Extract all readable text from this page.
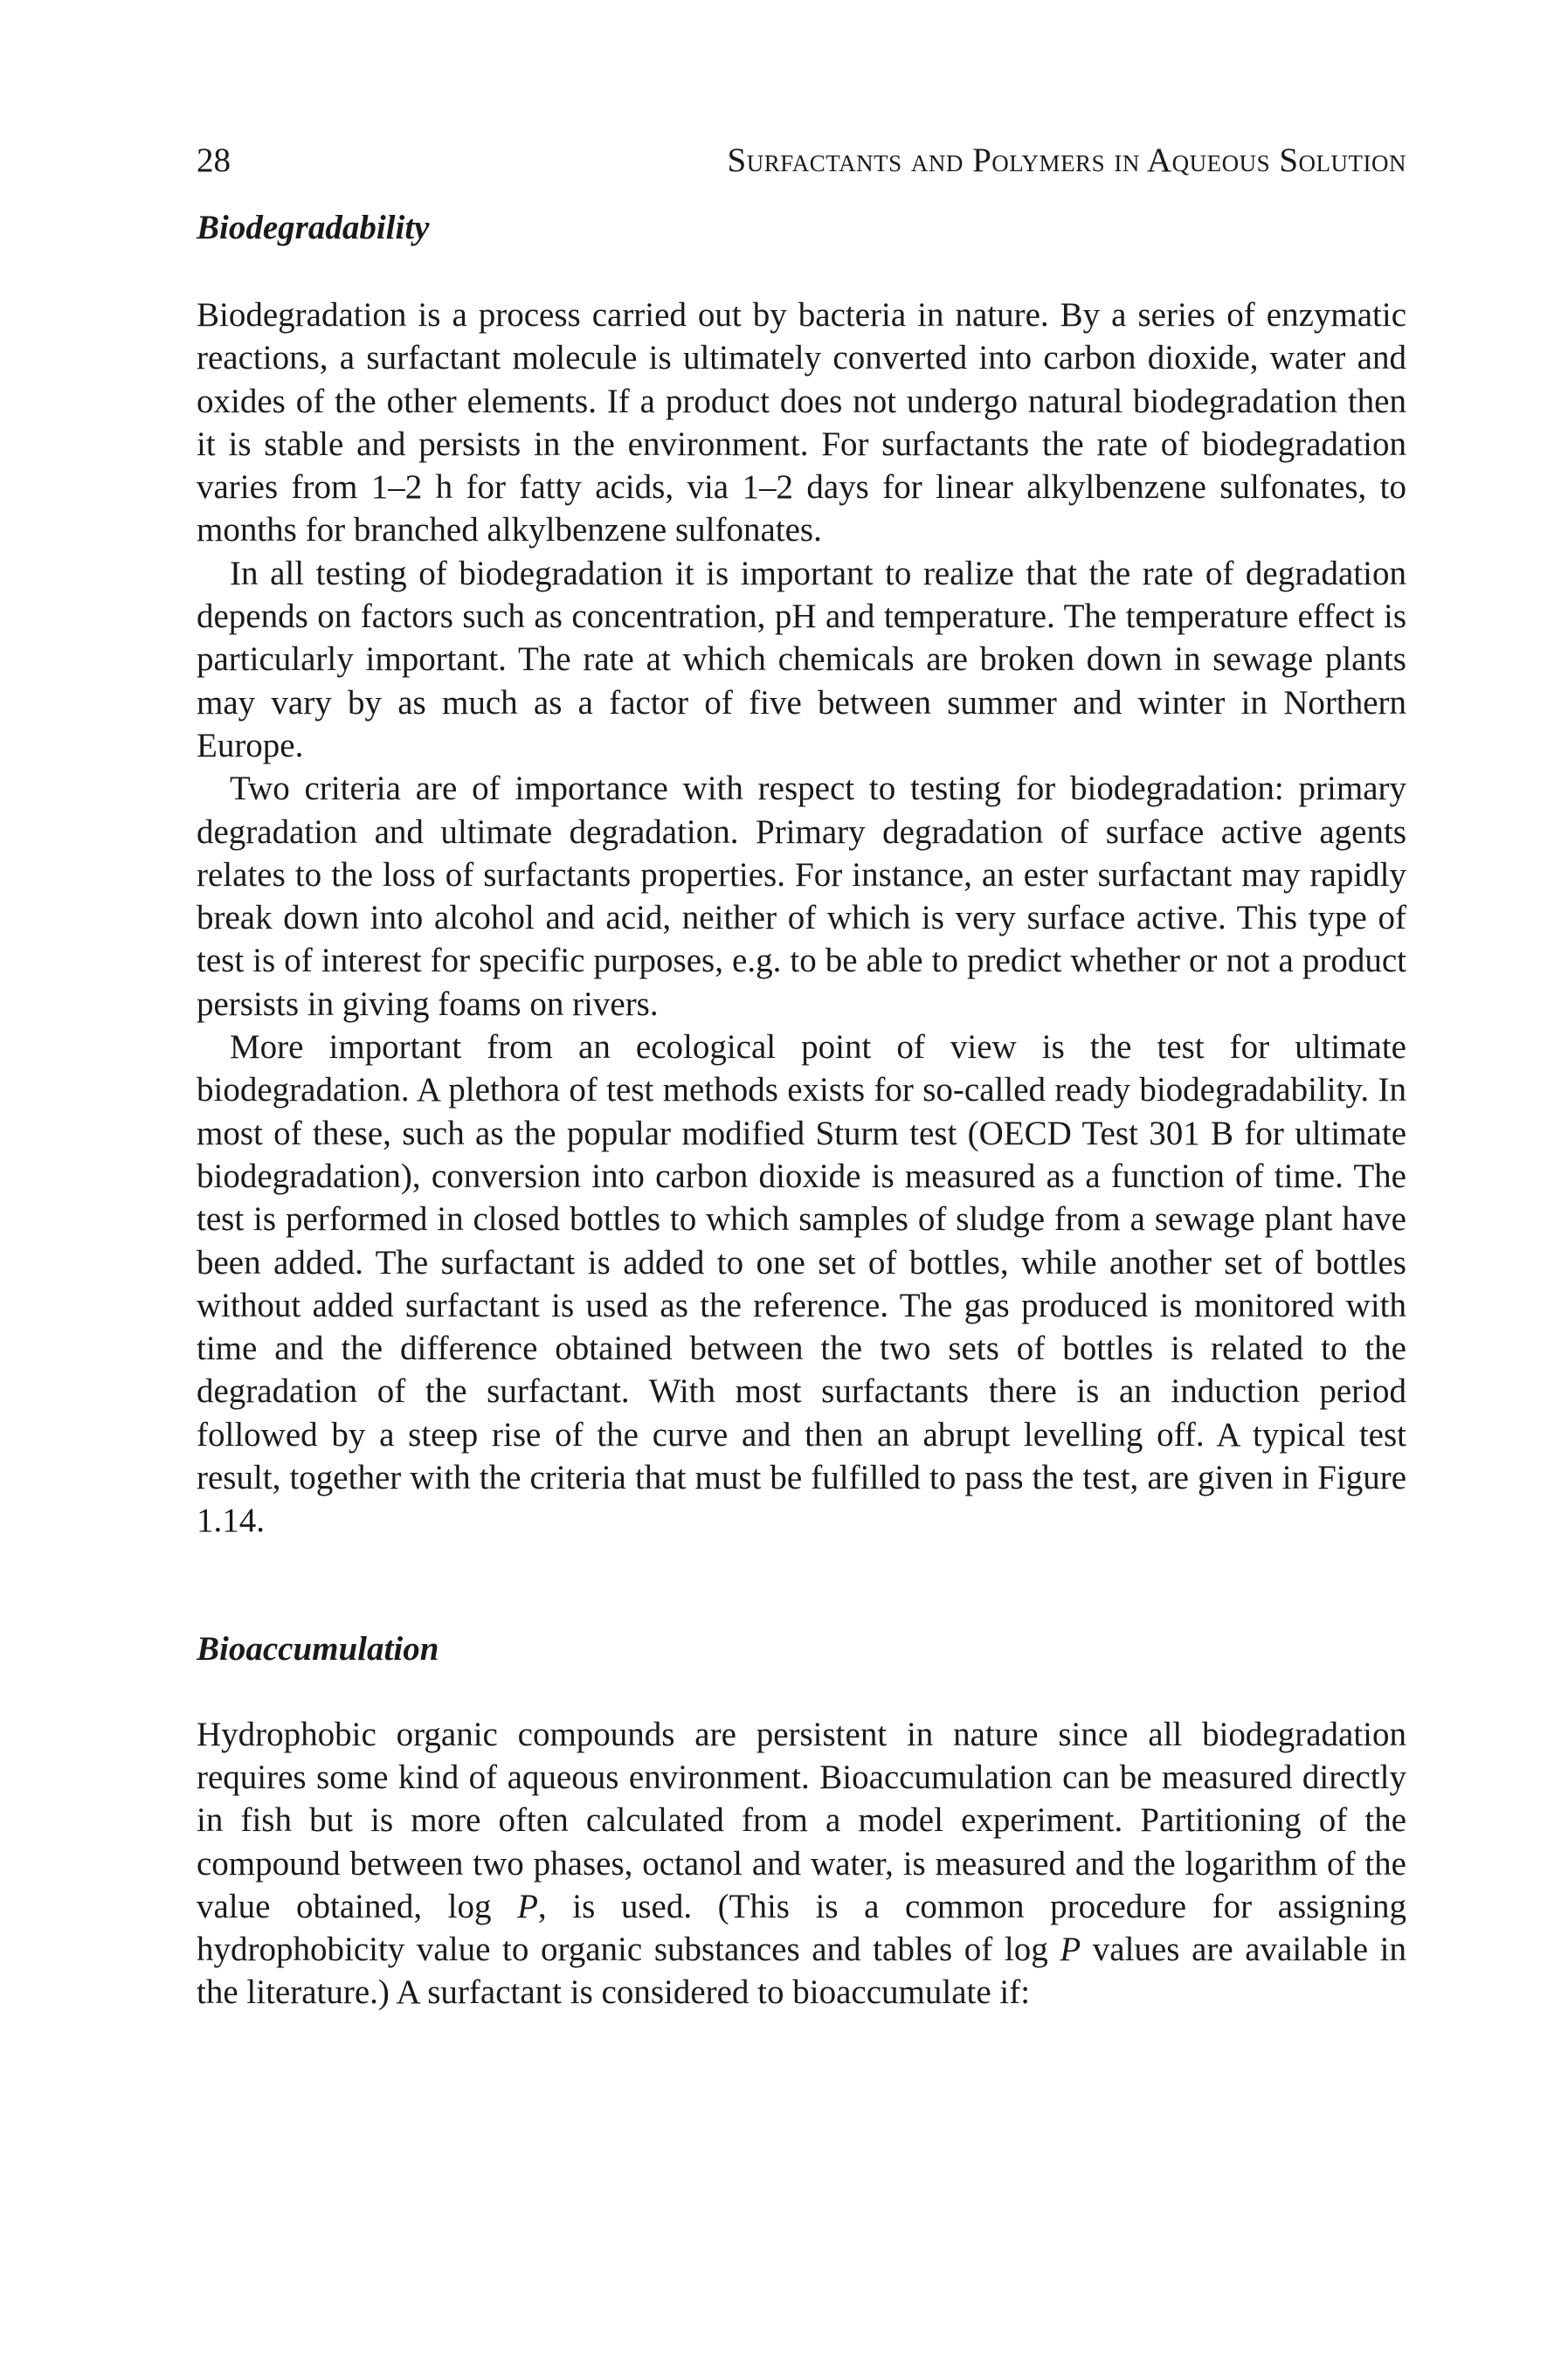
28	Surfactants and Polymers in Aqueous Solution
Biodegradability

Biodegradation is a process carried out by bacteria in nature. By a series of enzymatic reactions, a surfactant molecule is ultimately converted into carbon dioxide, water and oxides of the other elements. If a product does not undergo natural biodegradation then it is stable and persists in the environment. For surfactants the rate of biodegradation varies from 1–2 h for fatty acids, via 1–2 days for linear alkylbenzene sulfonates, to months for branched alkylbenzene sulfonates.

In all testing of biodegradation it is important to realize that the rate of degradation depends on factors such as concentration, pH and temperature. The temperature effect is particularly important. The rate at which chemicals are broken down in sewage plants may vary by as much as a factor of five between summer and winter in Northern Europe.

Two criteria are of importance with respect to testing for biodegradation: primary degradation and ultimate degradation. Primary degradation of surface active agents relates to the loss of surfactants properties. For instance, an ester surfactant may rapidly break down into alcohol and acid, neither of which is very surface active. This type of test is of interest for specific purposes, e.g. to be able to predict whether or not a product persists in giving foams on rivers.

More important from an ecological point of view is the test for ultimate biodegradation. A plethora of test methods exists for so-called ready biodegradability. In most of these, such as the popular modified Sturm test (OECD Test 301 B for ultimate biodegradation), conversion into carbon dioxide is measured as a function of time. The test is performed in closed bottles to which samples of sludge from a sewage plant have been added. The surfactant is added to one set of bottles, while another set of bottles without added surfactant is used as the reference. The gas produced is monitored with time and the difference obtained between the two sets of bottles is related to the degradation of the surfactant. With most surfactants there is an induction period followed by a steep rise of the curve and then an abrupt levelling off. A typical test result, together with the criteria that must be fulfilled to pass the test, are given in Figure 1.14.

Bioaccumulation

Hydrophobic organic compounds are persistent in nature since all biodegradation requires some kind of aqueous environment. Bioaccumulation can be measured directly in fish but is more often calculated from a model experiment. Partitioning of the compound between two phases, octanol and water, is measured and the logarithm of the value obtained, log P, is used. (This is a common procedure for assigning hydrophobicity value to organic substances and tables of log P values are available in the literature.) A surfactant is considered to bioaccumulate if:
